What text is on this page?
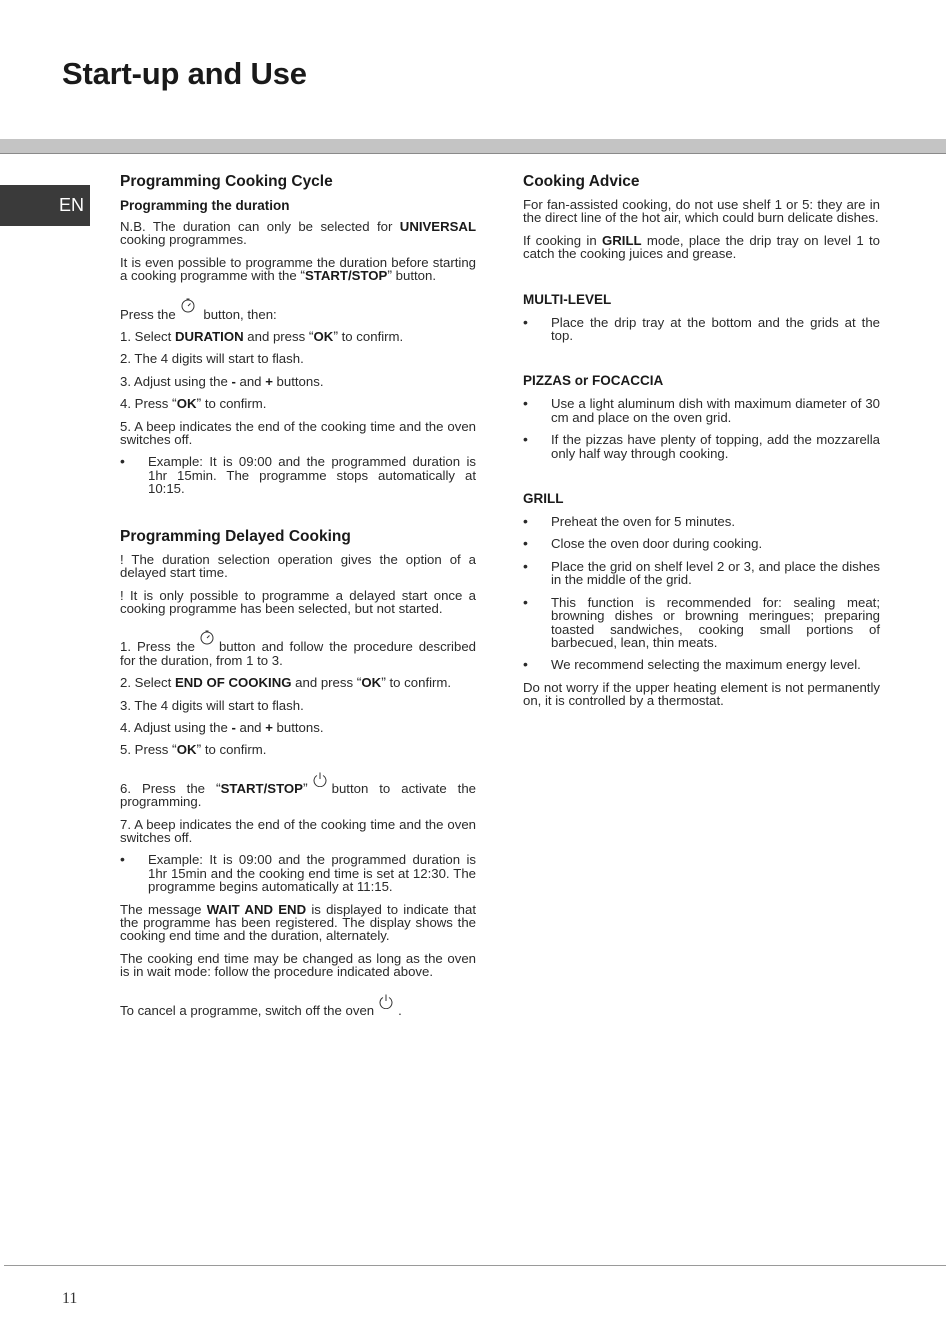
Start-up and Use
EN
Programming Cooking Cycle
Programming the duration

N.B. The duration can only be selected for UNIVERSAL cooking programmes.

It is even possible to programme the duration before starting a cooking programme with the “START/STOP” button.

Press the button, then:

1. Select DURATION and press “OK” to confirm.

2. The 4 digits will start to flash.

3. Adjust using the - and + buttons.

4. Press “OK” to confirm.

5. A beep indicates the end of the cooking time and the oven switches off.

• Example: It is 09:00 and the programmed duration is 1hr 15min. The programme stops automatically at 10:15.

Programming Delayed Cooking

! The duration selection operation gives the option of a delayed start time.

! It is only possible to programme a delayed start once a cooking programme has been selected, but not started.

1. Press the button and follow the procedure described for the duration, from 1 to 3.

2. Select END OF COOKING and press “OK” to confirm.

3. The 4 digits will start to flash.

4. Adjust using the - and + buttons.

5. Press “OK” to confirm.

6. Press the “START/STOP” button to activate the programming.

7. A beep indicates the end of the cooking time and the oven switches off.

• Example: It is 09:00 and the programmed duration is 1hr 15min and the cooking end time is set at 12:30. The programme begins automatically at 11:15.

The message WAIT AND END is displayed to indicate that the programme has been registered. The display shows the cooking end time and the duration, alternately.

The cooking end time may be changed as long as the oven is in wait mode: follow the procedure indicated above.

To cancel a programme, switch off the oven .

Cooking Advice

For fan-assisted cooking, do not use shelf 1 or 5: they are in the direct line of the hot air, which could burn delicate dishes.

If cooking in GRILL mode, place the drip tray on level 1 to catch the cooking juices and grease.

MULTI-LEVEL

• Place the drip tray at the bottom and the grids at the top.

PIZZAS or FOCACCIA

• Use a light aluminum dish with maximum diameter of 30 cm and place on the oven grid.

• If the pizzas have plenty of topping, add the mozzarella only half way through cooking.

GRILL

• Preheat the oven for 5 minutes.

• Close the oven door during cooking.

• Place the grid on shelf level 2 or 3, and place the dishes in the middle of the grid.

• This function is recommended for: sealing meat; browning dishes or browning meringues; preparing toasted sandwiches, cooking small portions of barbecued, lean, thin meats.

• We recommend selecting the maximum energy level.

Do not worry if the upper heating element is not permanently on, it is controlled by a thermostat.

11
